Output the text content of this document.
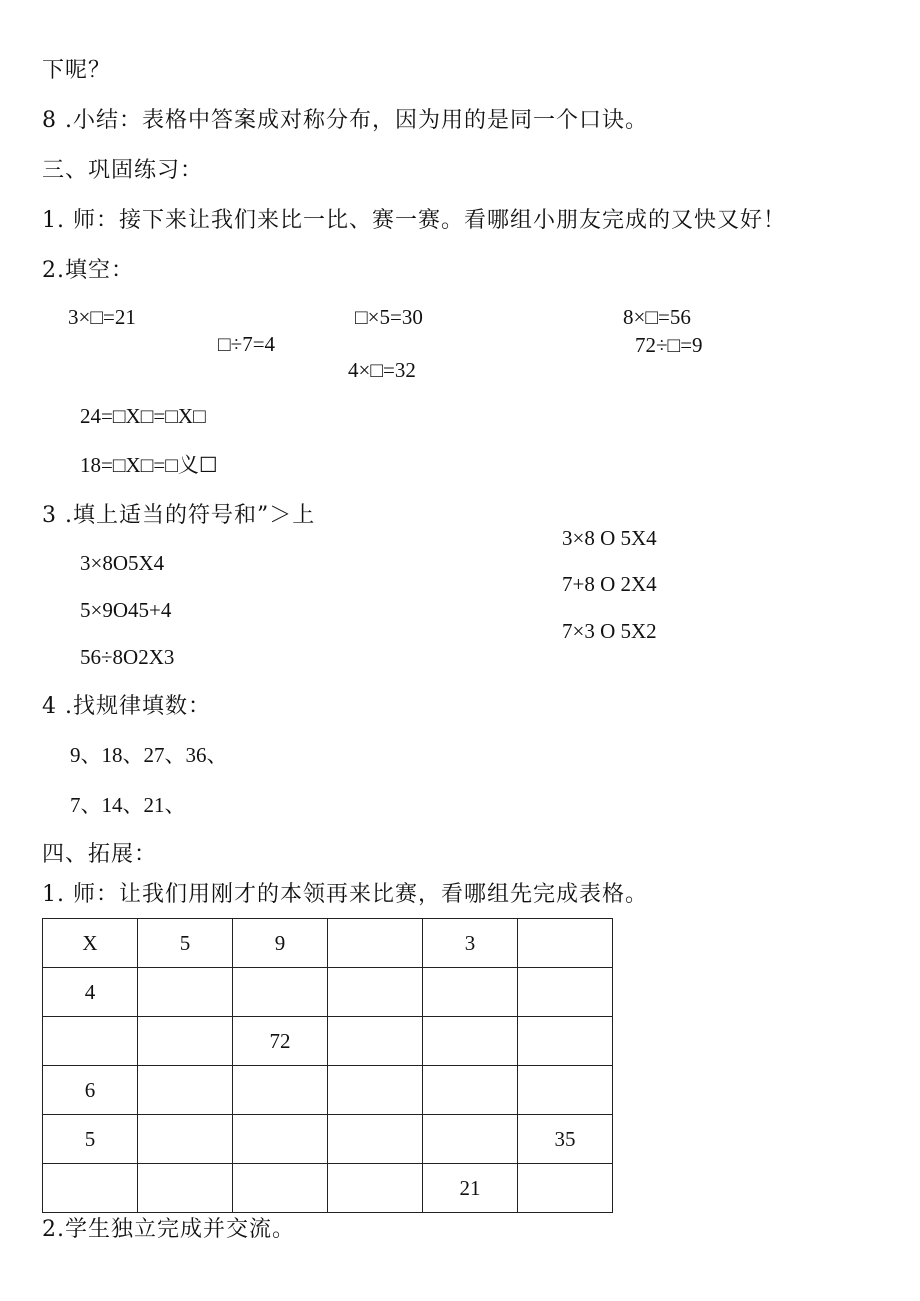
下呢？
8 .小结：表格中答案成对称分布，因为用的是同一个口诀。
三、巩固练习：
1. 师：接下来让我们来比一比、赛一赛。看哪组小朋友完成的又快又好！
2.填空：
3×□=21	□×5=30	8×□=56
□÷7=4	72÷□=9
4×□=32
24=□X□=□X□
18=□X□=□义☐
3 .填上适当的符号和”＞上
3×8 O 5X4
3×8O5X4
7+8 O 2X4
5×9O45+4
7×3 O 5X2
56÷8O2X3
4 .找规律填数：
9、18、27、36、
7、14、21、
四、拓展：
1. 师：让我们用刚才的本领再来比赛，看哪组先完成表格。
X	5	9		3	
4					
		72			
6					
5					35
				21	
2.学生独立完成并交流。
